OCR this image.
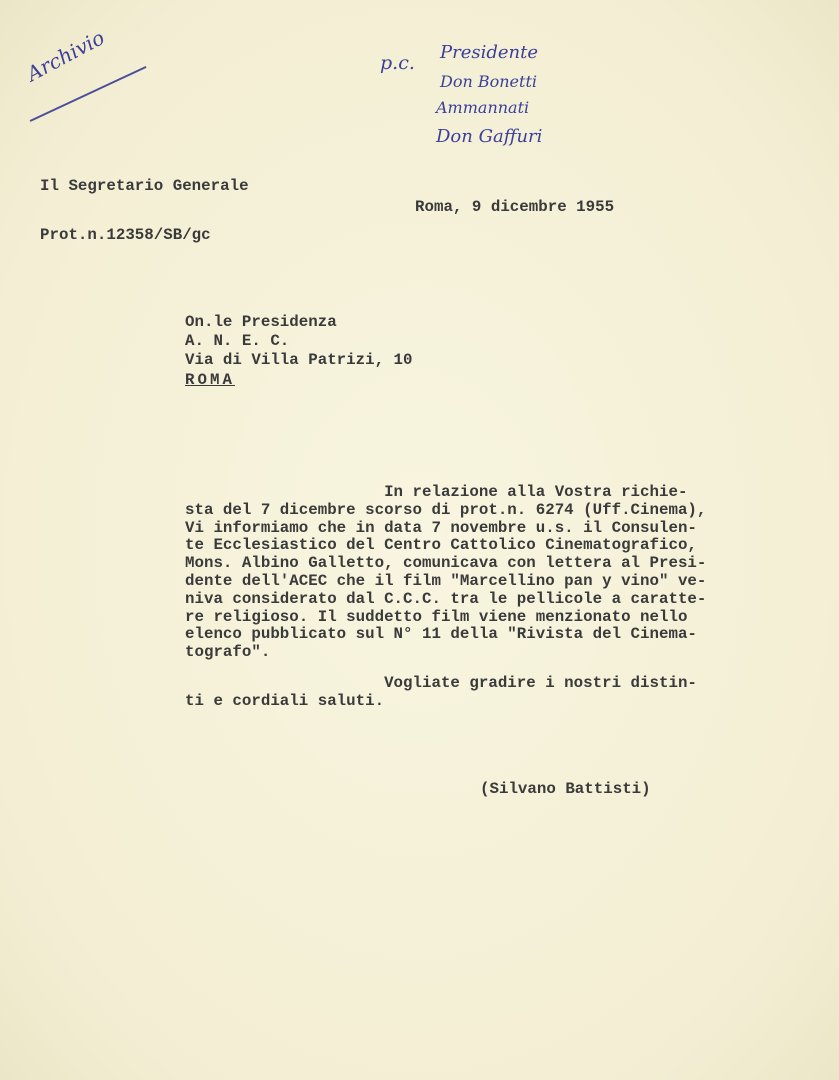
Archivio	p.c. Presidente
Don Bonetti
Ammannati
Don Gaffuri
Il Segretario Generale
Roma, 9 dicembre 1955
Prot.n.12358/SB/gc
On.le Presidenza
A. N. E. C.
Via di Villa Patrizi, 10
ROMA
In relazione alla Vostra richie-
sta del 7 dicembre scorso di prot.n. 6274 (Uff.Cinema),
Vi informiamo che in data 7 novembre u.s. il Consulen-
te Ecclesiastico del Centro Cattolico Cinematografico,
Mons. Albino Galletto, comunicava con lettera al Presi-
dente dell'ACEC che il film "Marcellino pan y vino" ve-
niva considerato dal C.C.C. tra le pellicole a caratte-
re religioso. Il suddetto film viene menzionato nello
elenco pubblicato sul N° 11 della "Rivista del Cinema-
tografo".
Vogliate gradire i nostri distin-
ti e cordiali saluti.
(Silvano Battisti)
